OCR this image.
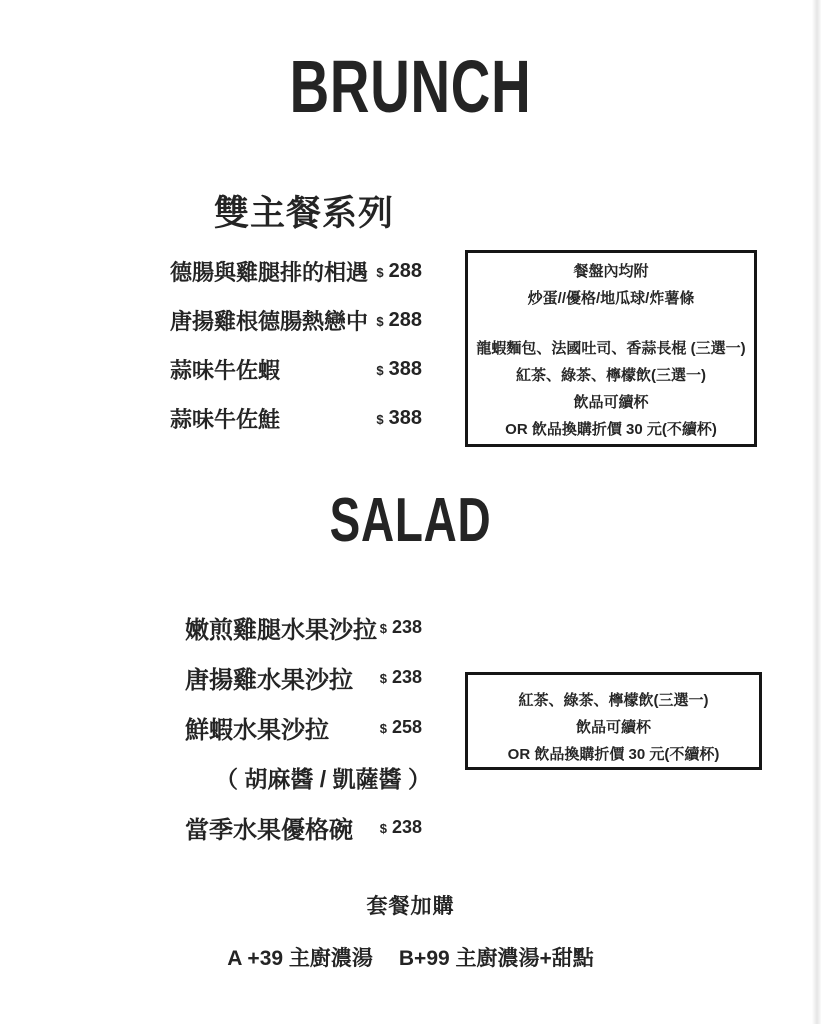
BRUNCH
雙主餐系列
德腸與雞腿排的相遇 $ 288
唐揚雞根德腸熱戀中 $ 288
蒜味牛佐蝦	$ 388
蒜味牛佐鮭	$ 388
餐盤內均附
炒蛋//優格/地瓜球/炸薯條
龍蝦麵包、法國吐司、香蒜長棍 (三選一)
紅茶、綠茶、檸檬飲(三選一)
飲品可續杯
OR 飲品換購折價 30 元(不續杯)
SALAD
嫩煎雞腿水果沙拉 $ 238
唐揚雞水果沙拉 $ 238
鮮蝦水果沙拉	$ 258
（ 胡麻醬 / 凱薩醬 ）
當季水果優格碗 $ 238
紅茶、綠茶、檸檬飲(三選一)
飲品可續杯
OR 飲品換購折價 30 元(不續杯)
套餐加購
A +39 主廚濃湯 B+99 主廚濃湯+甜點
